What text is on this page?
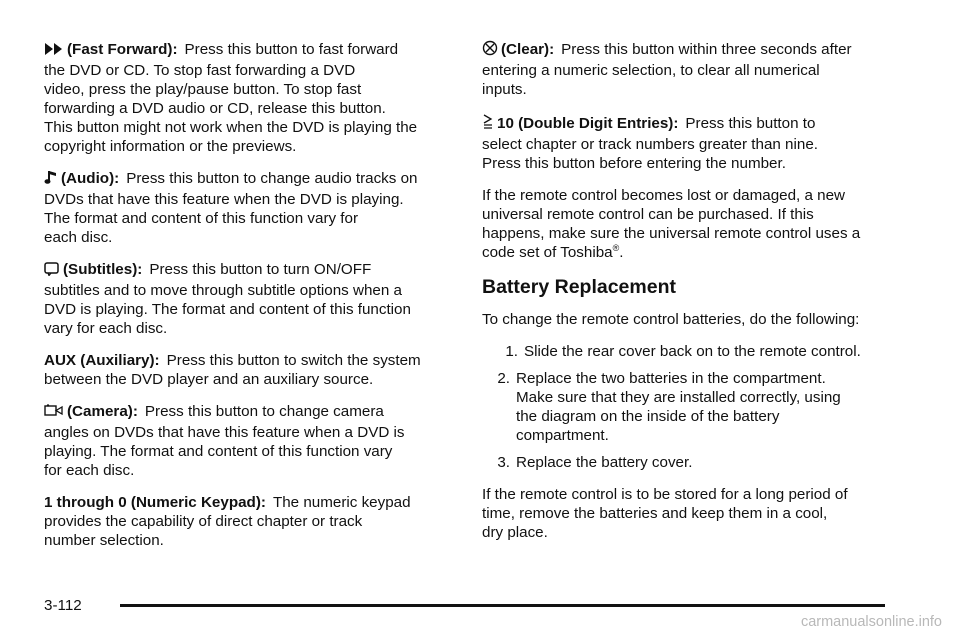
(Fast Forward): Press this button to fast forward
the DVD or CD. To stop fast forwarding a DVD
video, press the play/pause button. To stop fast
forwarding a DVD audio or CD, release this button.
This button might not work when the DVD is playing the
copyright information or the previews.

(Audio): Press this button to change audio tracks on
DVDs that have this feature when the DVD is playing.
The format and content of this function vary for
each disc.

(Subtitles): Press this button to turn ON/OFF
subtitles and to move through subtitle options when a
DVD is playing. The format and content of this function
vary for each disc.

AUX (Auxiliary): Press this button to switch the system
between the DVD player and an auxiliary source.

(Camera): Press this button to change camera
angles on DVDs that have this feature when a DVD is
playing. The format and content of this function vary
for each disc.

1 through 0 (Numeric Keypad): The numeric keypad
provides the capability of direct chapter or track
number selection.

(Clear): Press this button within three seconds after
entering a numeric selection, to clear all numerical
inputs.

10 (Double Digit Entries): Press this button to
select chapter or track numbers greater than nine.
Press this button before entering the number.

If the remote control becomes lost or damaged, a new
universal remote control can be purchased. If this
happens, make sure the universal remote control uses a
code set of Toshiba®.

Battery Replacement

To change the remote control batteries, do the following:

1. Slide the rear cover back on to the remote control.
2. Replace the two batteries in the compartment.
Make sure that they are installed correctly, using
the diagram on the inside of the battery
compartment.
3. Replace the battery cover.

If the remote control is to be stored for a long period of
time, remove the batteries and keep them in a cool,
dry place.

3-112
carmanualsonline.info
